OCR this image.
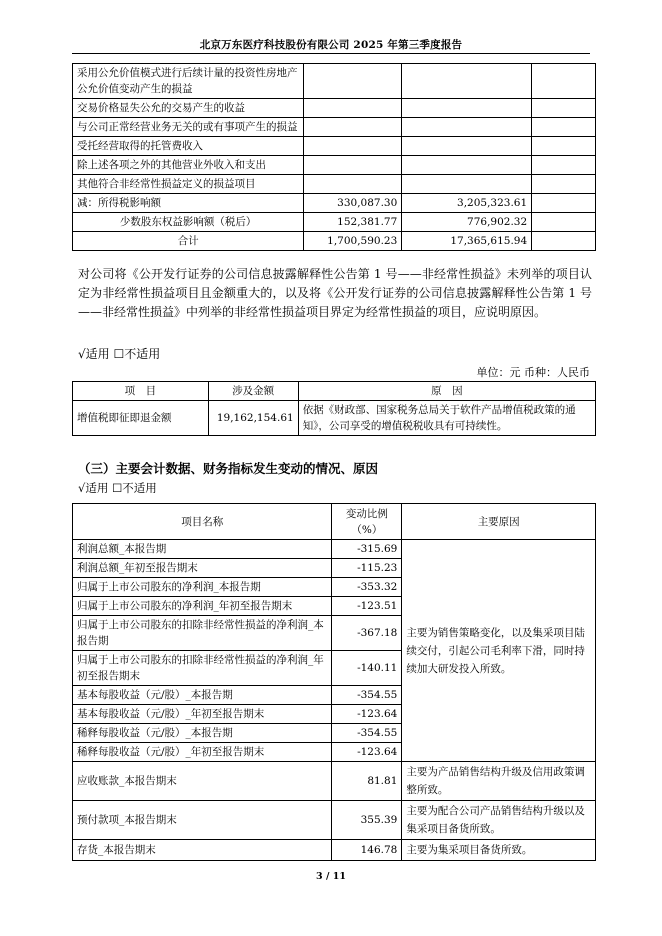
北京万东医疗科技股份有限公司 2025 年第三季度报告
采用公允价值模式进行后续计量的投资性房地产公允价值变动产生的损益			
交易价格显失公允的交易产生的收益			
与公司正常经营业务无关的或有事项产生的损益			
受托经营取得的托管费收入			
除上述各项之外的其他营业外收入和支出			
其他符合非经常性损益定义的损益项目			
减：所得税影响额	330,087.30	3,205,323.61	
少数股东权益影响额（税后）	152,381.77	776,902.32	
合计	1,700,590.23	17,365,615.94	
对公司将《公开发行证券的公司信息披露解释性公告第 1 号——非经常性损益》未列举的项目认定为非经常性损益项目且金额重大的，以及将《公开发行证券的公司信息披露解释性公告第 1 号——非经常性损益》中列举的非经常性损益项目界定为经常性损益的项目，应说明原因。
√适用 ☐不适用
单位：元 币种：人民币
项　目	涉及金额	原　因
增值税即征即退金额	19,162,154.61	依据《财政部、国家税务总局关于软件产品增值税政策的通知》，公司享受的增值税税收具有可持续性。
（三）主要会计数据、财务指标发生变动的情况、原因
√适用 ☐不适用
项目名称	变动比例（%）	主要原因
利润总额_本报告期	-315.69	主要为销售策略变化，以及集采项目陆续交付，引起公司毛利率下滑，同时持续加大研发投入所致。
利润总额_年初至报告期末	-115.23	
归属于上市公司股东的净利润_本报告期	-353.32	
归属于上市公司股东的净利润_年初至报告期末	-123.51	
归属于上市公司股东的扣除非经常性损益的净利润_本报告期	-367.18	
归属于上市公司股东的扣除非经常性损益的净利润_年初至报告期末	-140.11	
基本每股收益（元/股）_本报告期	-354.55	
基本每股收益（元/股）_年初至报告期末	-123.64	
稀释每股收益（元/股）_本报告期	-354.55	
稀释每股收益（元/股）_年初至报告期末	-123.64	
应收账款_本报告期末	81.81	主要为产品销售结构升级及信用政策调整所致。
预付款项_本报告期末	355.39	主要为配合公司产品销售结构升级以及集采项目备货所致。
存货_本报告期末	146.78	主要为集采项目备货所致。
3 / 11
